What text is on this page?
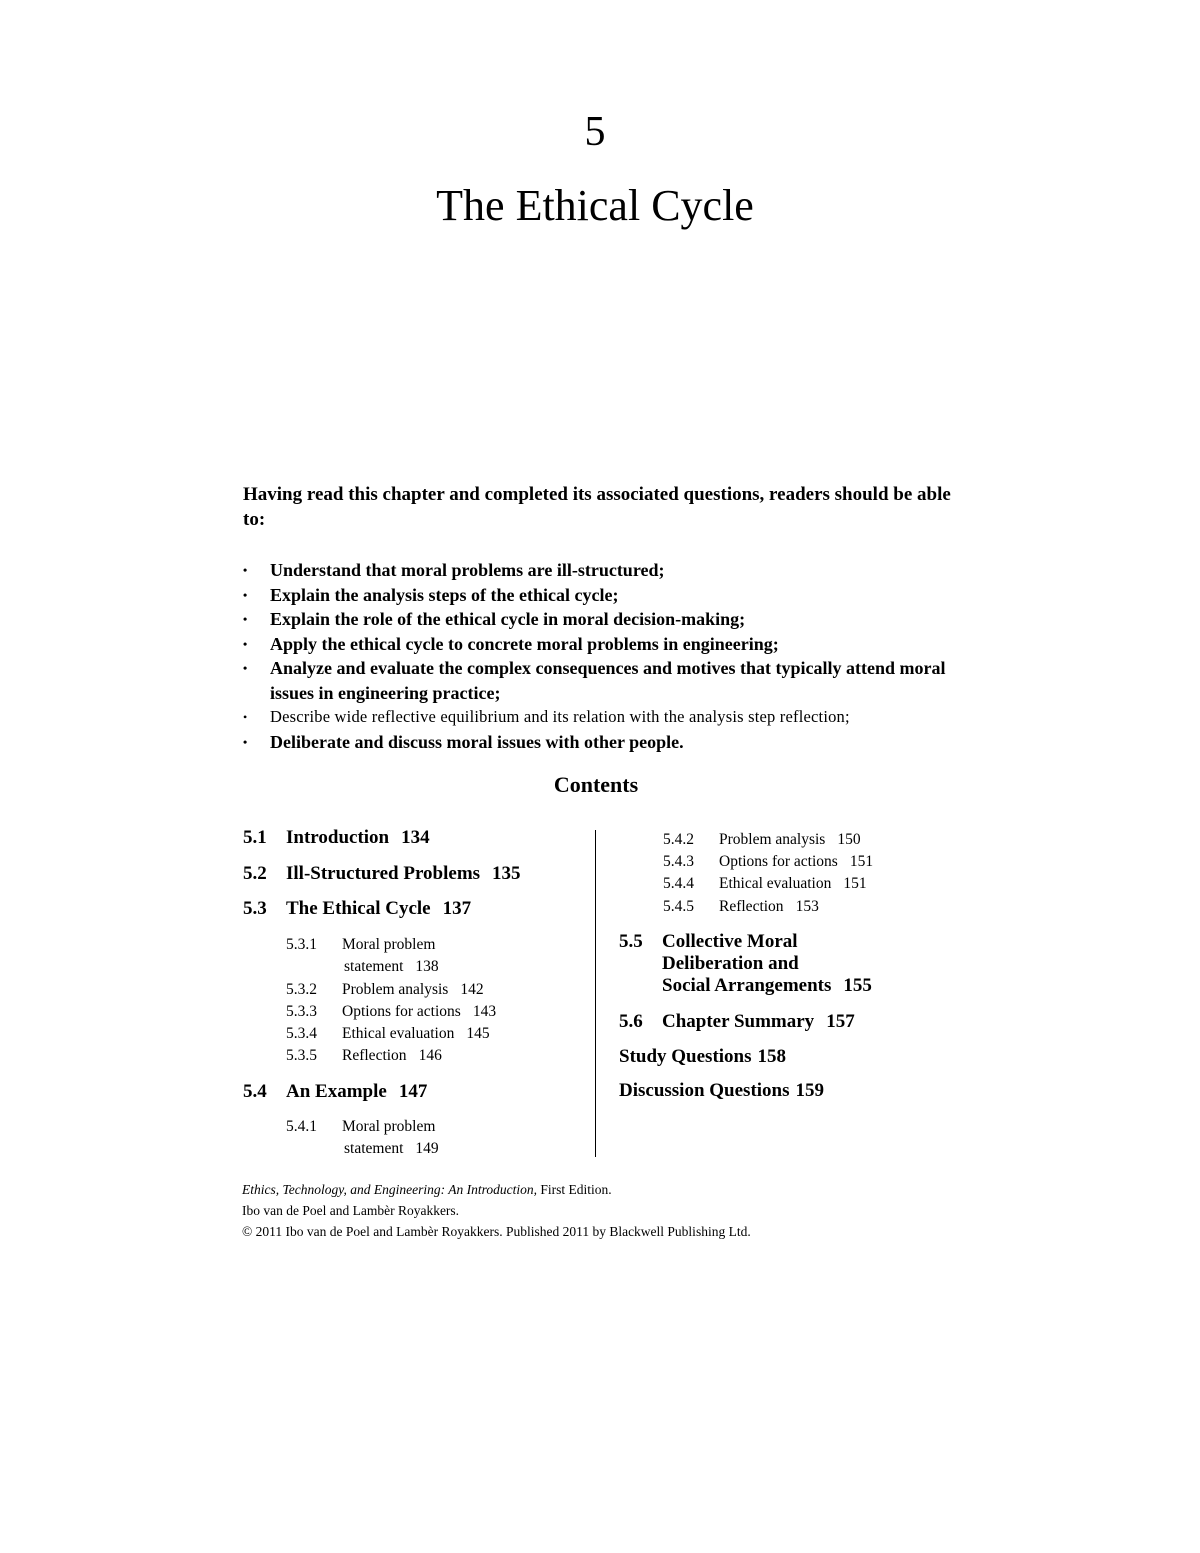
5
The Ethical Cycle
Having read this chapter and completed its associated questions, readers should be able to:
• Understand that moral problems are ill-structured;
• Explain the analysis steps of the ethical cycle;
• Explain the role of the ethical cycle in moral decision-making;
• Apply the ethical cycle to concrete moral problems in engineering;
• Analyze and evaluate the complex consequences and motives that typically attend moral issues in engineering practice;
• Describe wide reflective equilibrium and its relation with the analysis step reflection;
• Deliberate and discuss moral issues with other people.
Contents
5.1 Introduction 134
5.2 Ill-Structured Problems 135
5.3 The Ethical Cycle 137
5.3.1 Moral problem
statement 138
5.3.2 Problem analysis 142
5.3.3 Options for actions 143
5.3.4 Ethical evaluation 145
5.3.5 Reflection 146
5.4 An Example 147
5.4.1 Moral problem
statement 149
5.4.2 Problem analysis 150
5.4.3 Options for actions 151
5.4.4 Ethical evaluation 151
5.4.5 Reflection 153
5.5 Collective Moral
Deliberation and
Social Arrangements 155
5.6 Chapter Summary 157
Study Questions 158
Discussion Questions 159
Ethics, Technology, and Engineering: An Introduction, First Edition.
Ibo van de Poel and Lambèr Royakkers.
© 2011 Ibo van de Poel and Lambèr Royakkers. Published 2011 by Blackwell Publishing Ltd.
